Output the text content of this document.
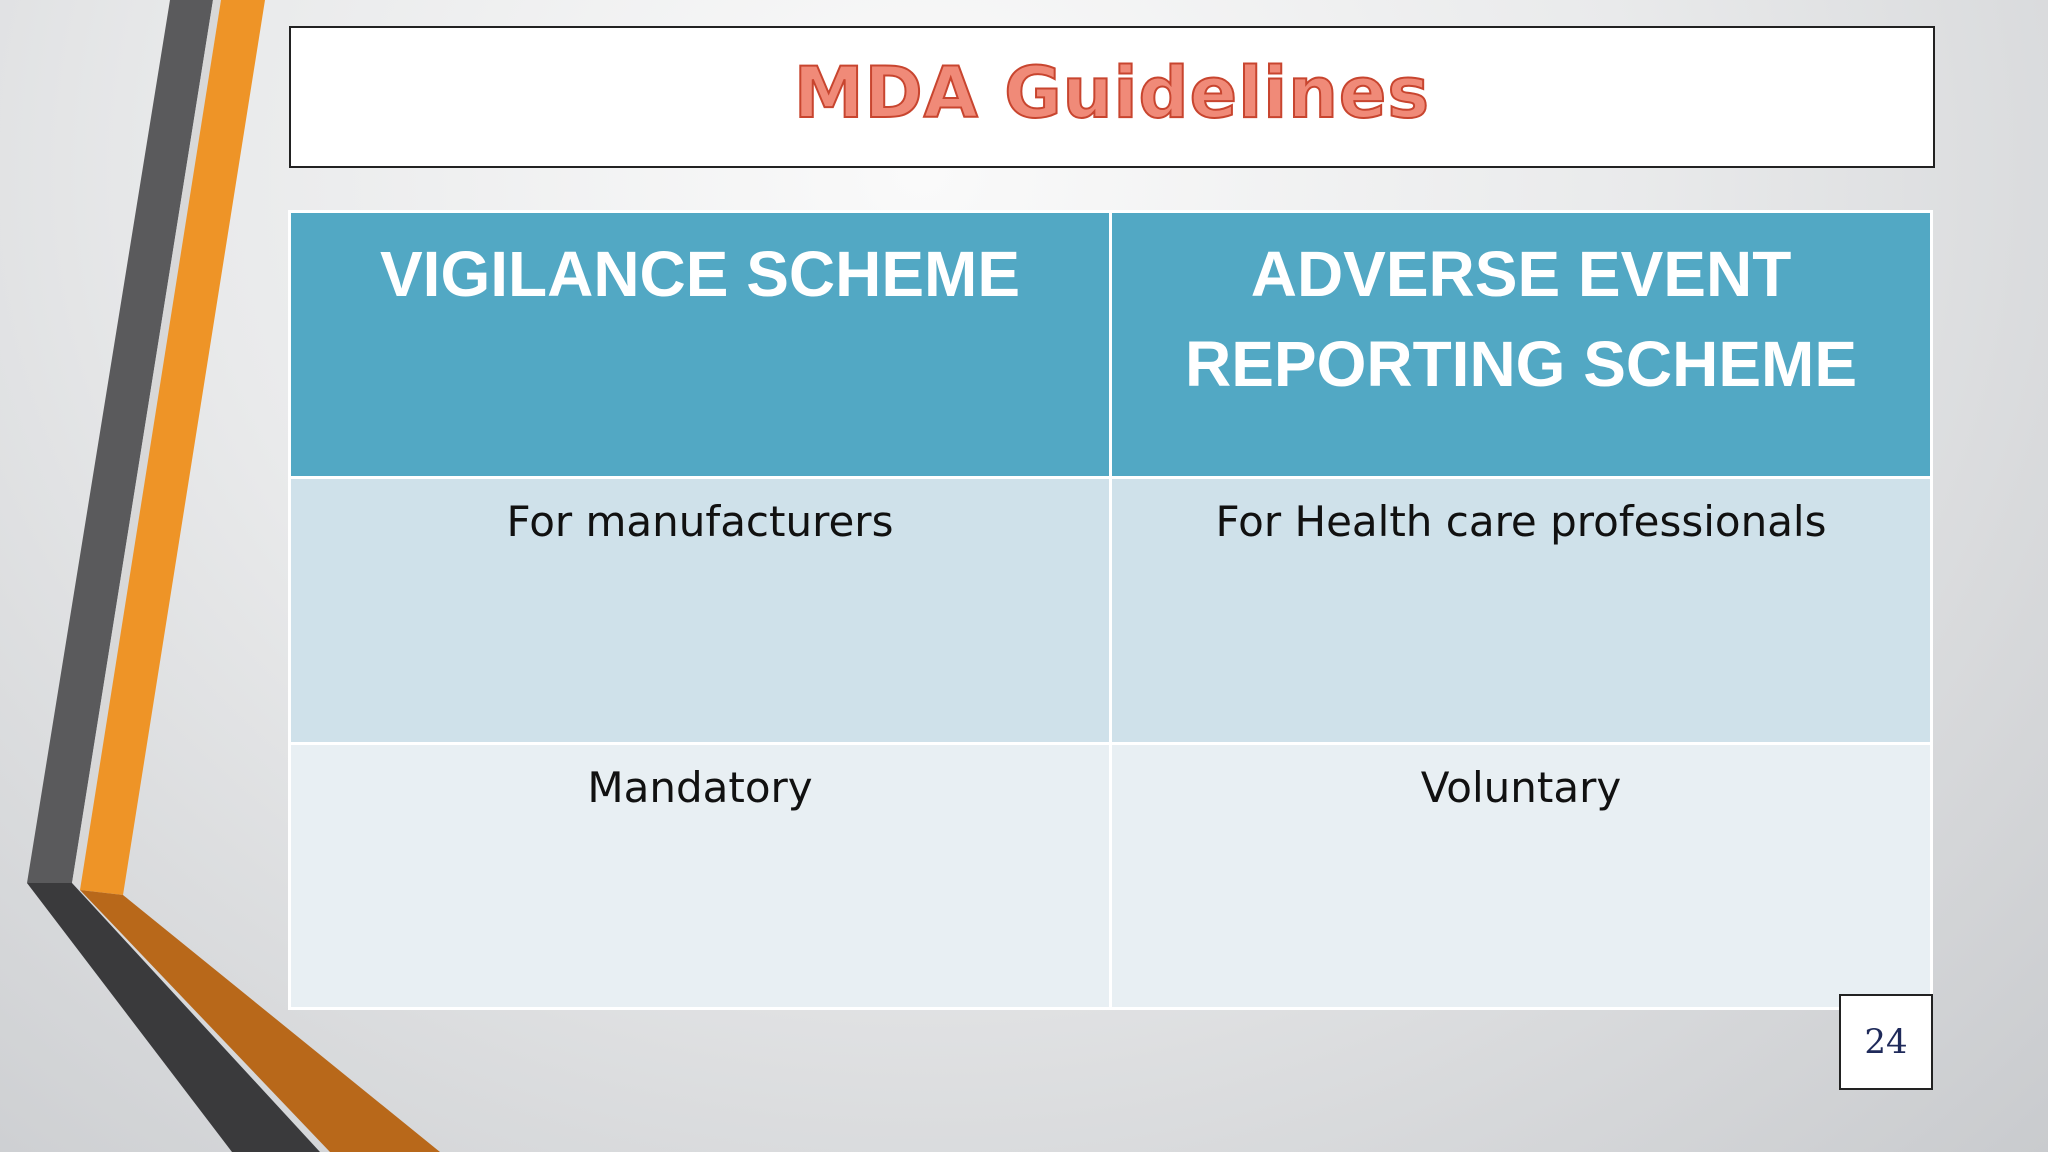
MDA Guidelines
VIGILANCE SCHEME	ADVERSE EVENT REPORTING SCHEME
For manufacturers	For Health care professionals
Mandatory	Voluntary
24
